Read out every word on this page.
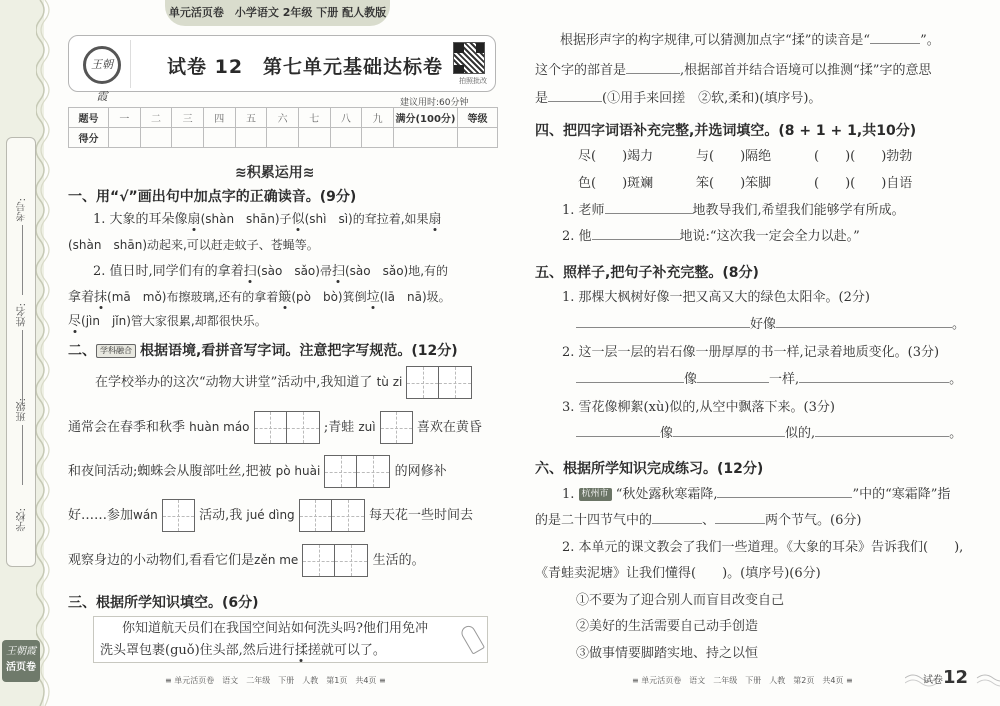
考号:
姓名:
班级:
学校:
王朝霞
活页卷
单元活页卷　小学语文 2年级 下册 配人教版
王朝霞
试卷 12　第七单元基础达标卷
拍照批改
建议用时:60分钟
题号	一	二	三	四	五	六	七	八	九	满分(100分)	等级
得分											
≋积累运用≋
一、用“√”画出句中加点字的正确读音。(9分)
1. 大象的耳朵像扇(shàn　shān)子似(shì　sì)的耷拉着,如果扇
(shàn　shān)动起来,可以赶走蚊子、苍蝇等。
2. 值日时,同学们有的拿着扫(sào　sǎo)帚扫(sào　sǎo)地,有的
拿着抹(mā　mǒ)布擦玻璃,还有的拿着簸(pò　bò)箕倒垃(lā　nā)圾。
尽(jìn　jǐn)管大家很累,却都很快乐。
二、 学科融合 根据语境,看拼音写字词。注意把字写规范。(12分)
在学校举办的这次“动物大讲堂”活动中,我知道了 tù zi
通常会在春季和秋季 huàn máo	;青蛙 zuì	喜欢在黄昏
和夜间活动;蜘蛛会从腹部吐丝,把被 pò huài	的网修补
好……参加wán	活动,我 jué dìng	每天花一些时间去
观察身边的小动物们,看看它们是zěn me	生活的。
三、根据所学知识填空。(6分)
你知道航天员们在我国空间站如何洗头吗?他们用免冲
洗头罩包裹(guǒ)住头部,然后进行揉搓就可以了。
≡ 单元活页卷　语文　二年级　下册　人教　第1页　共4页 ≡
根据形声字的构字规律,可以猜测加点字“揉”的读音是“	”。
这个字的部首是	,根据部首并结合语境可以推测“揉”字的意思
是	(①用手来回搓　②软,柔和)(填序号)。
四、把四字词语补充完整,并选词填空。(8 + 1 + 1,共10分)
尽(　　)竭力	与(　　)隔绝	(　　)(　　)勃勃
色(　　)斑斓	笨(　　)笨脚	(　　)(　　)自语
1. 老师	地教导我们,希望我们能够学有所成。
2. 他	地说:“这次我一定会全力以赴。”
五、照样子,把句子补充完整。(8分)
1. 那棵大枫树好像一把又高又大的绿色太阳伞。(2分)
好像	。
2. 这一层一层的岩石像一册厚厚的书一样,记录着地质变化。(3分)
像	一样,	。
3. 雪花像柳絮(xù)似的,从空中飘落下来。(3分)
像	似的,	。
六、根据所学知识完成练习。(12分)
1. 杭州市 “秋处露秋寒霜降,	”中的“寒霜降”指
的是二十四节气中的	、	两个节气。(6分)
2. 本单元的课文教会了我们一些道理。《大象的耳朵》告诉我们(　　),
《青蛙卖泥塘》让我们懂得(　　)。(填序号)(6分)
①不要为了迎合别人而盲目改变自己
②美好的生活需要自己动手创造
③做事情要脚踏实地、持之以恒
≡ 单元活页卷　语文　二年级　下册　人教　第2页　共4页 ≡	试卷12
